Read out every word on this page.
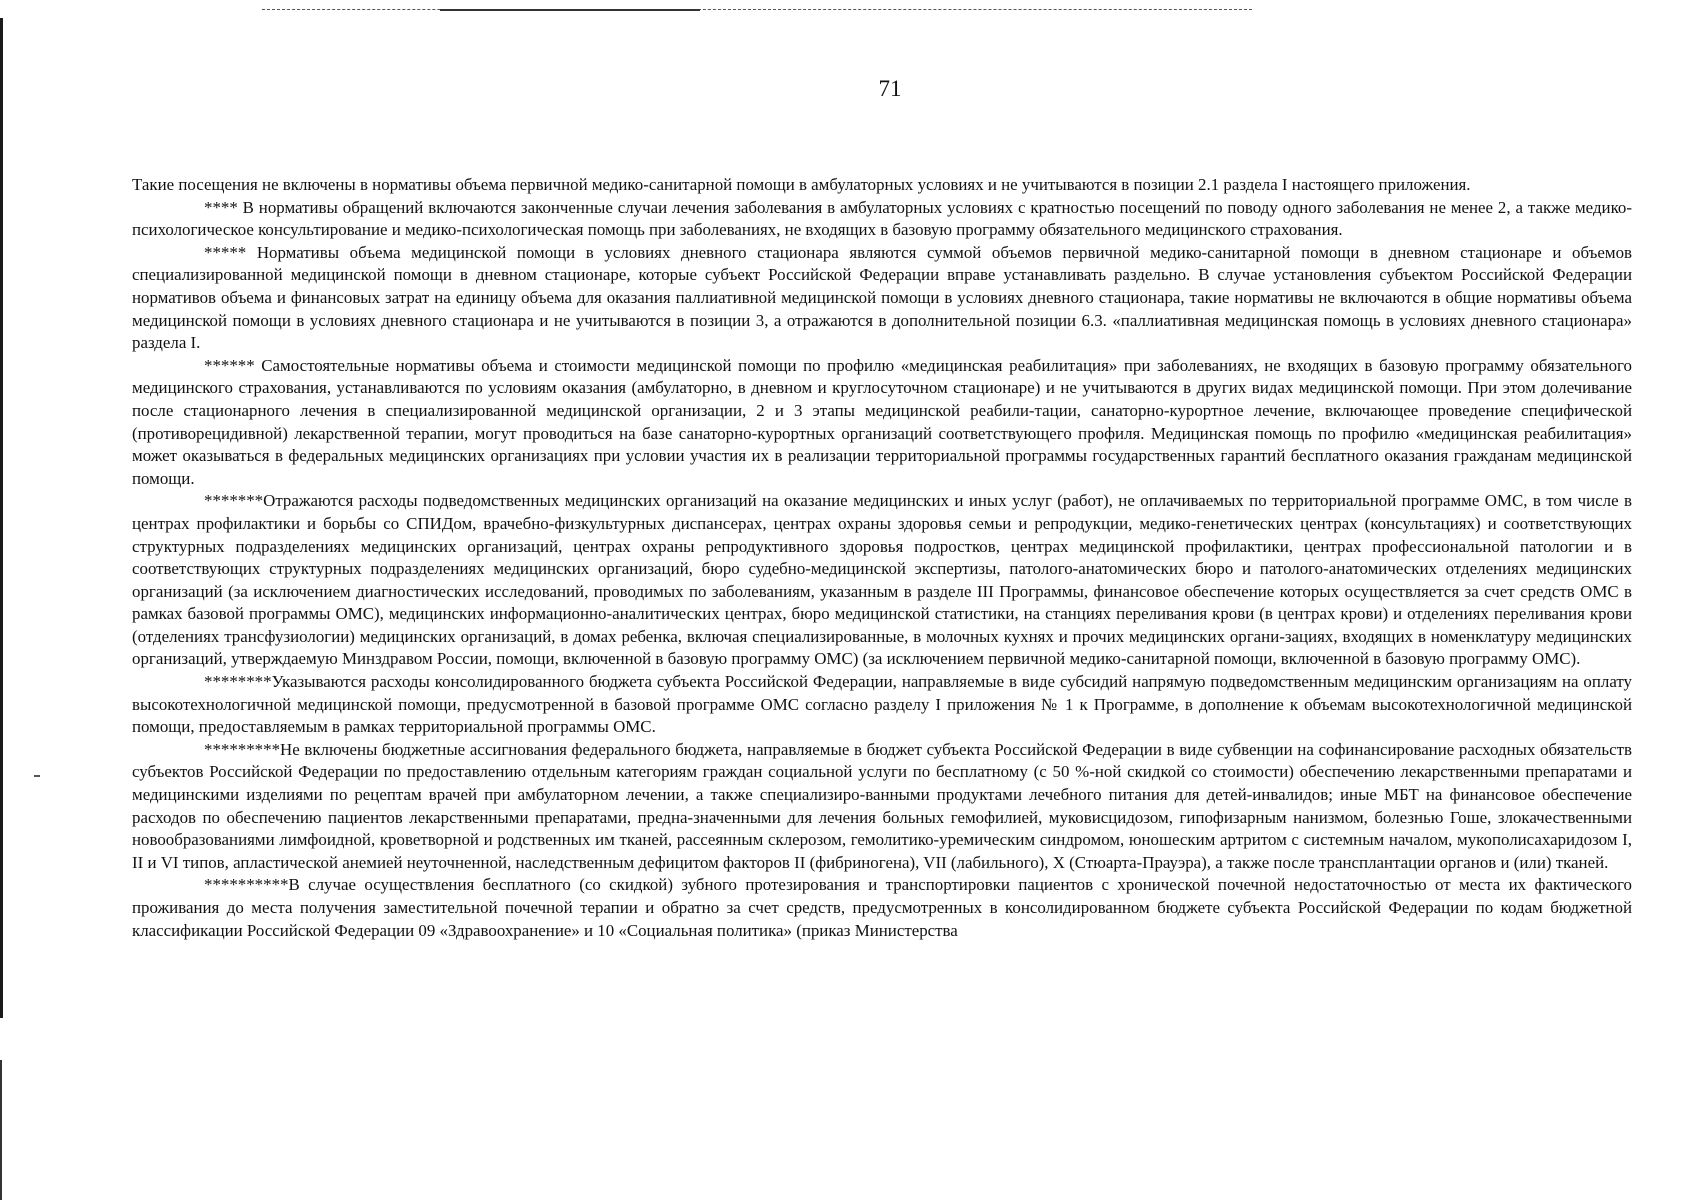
71

Такие посещения не включены в нормативы объема первичной медико-санитарной помощи в амбулаторных условиях и не учитываются в позиции 2.1 раздела I настоящего приложения.

**** В нормативы обращений включаются законченные случаи лечения заболевания в амбулаторных условиях с кратностью посещений по поводу одного заболевания не менее 2, а также медико-психологическое консультирование и медико-психологическая помощь при заболеваниях, не входящих в базовую программу обязательного медицинского страхования.

***** Нормативы объема медицинской помощи в условиях дневного стационара являются суммой объемов первичной медико-санитарной помощи в дневном стационаре и объемов специализированной медицинской помощи в дневном стационаре, которые субъект Российской Федерации вправе устанавливать раздельно. В случае установления субъектом Российской Федерации нормативов объема и финансовых затрат на единицу объема для оказания паллиативной медицинской помощи в условиях дневного стационара, такие нормативы не включаются в общие нормативы объема медицинской помощи в условиях дневного стационара и не учитываются в позиции 3, а отражаются в дополнительной позиции 6.3. «паллиативная медицинская помощь в условиях дневного стационара» раздела I.

****** Самостоятельные нормативы объема и стоимости медицинской помощи по профилю «медицинская реабилитация» при заболеваниях, не входящих в базовую программу обязательного медицинского страхования, устанавливаются по условиям оказания (амбулаторно, в дневном и круглосуточном стационаре) и не учитываются в других видах медицинской помощи. При этом долечивание после стационарного лечения в специализированной медицинской организации, 2 и 3 этапы медицинской реабили-тации, санаторно-курортное лечение, включающее проведение специфической (противорецидивной) лекарственной терапии, могут проводиться на базе санаторно-курортных организаций соответствующего профиля. Медицинская помощь по профилю «медицинская реабилитация» может оказываться в федеральных медицинских организациях при условии участия их в реализации территориальной программы государственных гарантий бесплатного оказания гражданам медицинской помощи.

*******Отражаются расходы подведомственных медицинских организаций на оказание медицинских и иных услуг (работ), не оплачиваемых по территориальной программе ОМС, в том числе в центрах профилактики и борьбы со СПИДом, врачебно-физкультурных диспансерах, центрах охраны здоровья семьи и репродукции, медико-генетических центрах (консультациях) и соответствующих структурных подразделениях медицинских организаций, центрах охраны репродуктивного здоровья подростков, центрах медицинской профилактики, центрах профессиональной патологии и в соответствующих структурных подразделениях медицинских организаций, бюро судебно-медицинской экспертизы, патолого-анатомических бюро и патолого-анатомических отделениях медицинских организаций (за исключением диагностических исследований, проводимых по заболеваниям, указанным в разделе III Программы, финансовое обеспечение которых осуществляется за счет средств ОМС в рамках базовой программы ОМС), медицинских информационно-аналитических центрах, бюро медицинской статистики, на станциях переливания крови (в центрах крови) и отделениях переливания крови (отделениях трансфузиологии) медицинских организаций, в домах ребенка, включая специализированные, в молочных кухнях и прочих медицинских органи-зациях, входящих в номенклатуру медицинских организаций, утверждаемую Минздравом России, помощи, включенной в базовую программу ОМС) (за исключением первичной медико-санитарной помощи, включенной в базовую программу ОМС).

********Указываются расходы консолидированного бюджета субъекта Российской Федерации, направляемые в виде субсидий напрямую подведомственным медицинским организациям на оплату высокотехнологичной медицинской помощи, предусмотренной в базовой программе ОМС согласно разделу I приложения № 1 к Программе, в дополнение к объемам высокотехнологичной медицинской помощи, предоставляемым в рамках территориальной программы ОМС.

*********Не включены бюджетные ассигнования федерального бюджета, направляемые в бюджет субъекта Российской Федерации в виде субвенции на софинансирование расходных обязательств субъектов Российской Федерации по предоставлению отдельным категориям граждан социальной услуги по бесплатному (с 50 %-ной скидкой со стоимости) обеспечению лекарственными препаратами и медицинскими изделиями по рецептам врачей при амбулаторном лечении, а также специализиро-ванными продуктами лечебного питания для детей-инвалидов; иные МБТ на финансовое обеспечение расходов по обеспечению пациентов лекарственными препаратами, предна-значенными для лечения больных гемофилией, муковисцидозом, гипофизарным нанизмом, болезнью Гоше, злокачественными новообразованиями лимфоидной, кроветворной и родственных им тканей, рассеянным склерозом, гемолитико-уремическим синдромом, юношеским артритом с системным началом, мукополисахаридозом I, II и VI типов, апластической анемией неуточненной, наследственным дефицитом факторов II (фибриногена), VII (лабильного), X (Стюарта-Прауэра), а также после трансплантации органов и (или) тканей.

**********В случае осуществления бесплатного (со скидкой) зубного протезирования и транспортировки пациентов с хронической почечной недостаточностью от места их фактического проживания до места получения заместительной почечной терапии и обратно за счет средств, предусмотренных в консолидированном бюджете субъекта Российской Федерации по кодам бюджетной классификации Российской Федерации 09 «Здравоохранение» и 10 «Социальная политика» (приказ Министерства
